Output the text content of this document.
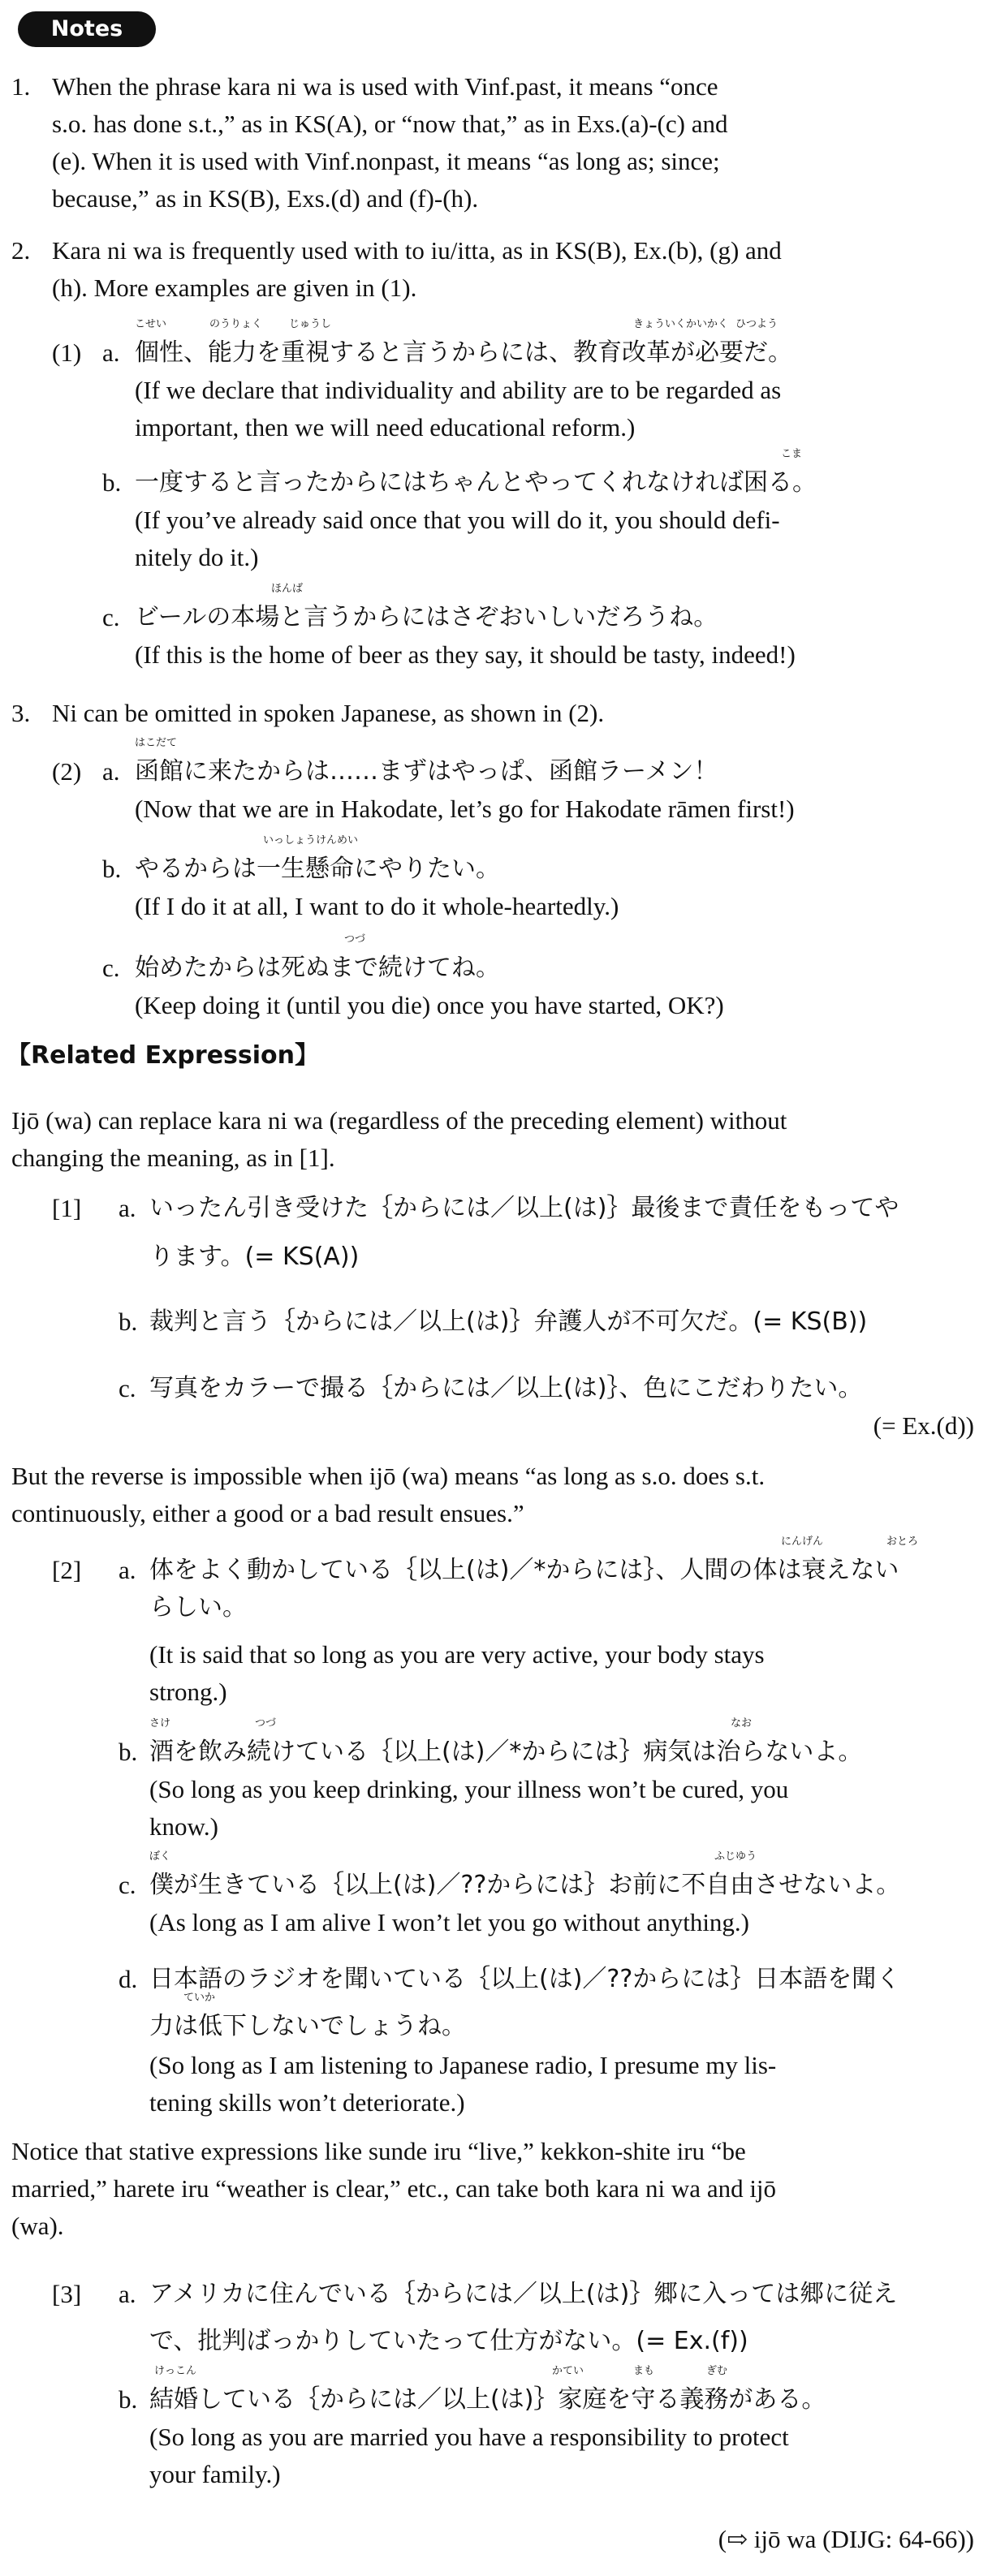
Notes
1. When the phrase kara ni wa is used with Vinf.past, it means “once
s.o. has done s.t.,” as in KS(A), or “now that,” as in Exs.(a)-(c) and
(e). When it is used with Vinf.nonpast, it means “as long as; since;
because,” as in KS(B), Exs.(d) and (f)-(h).
2. Kara ni wa is frequently used with to iu/itta, as in KS(B), Ex.(b), (g) and
(h). More examples are given in (1).
(1) a.
こせい	のうりょく	じゅうし	きょういくかいかく ひつよう
個性、能力を重視すると言うからには、教育改革が必要だ。
(If we declare that individuality and ability are to be regarded as
important, then we will need educational reform.)
b.
こま
一度すると言ったからにはちゃんとやってくれなければ困る。
(If you’ve already said once that you will do it, you should defi-
nitely do it.)
c.
ほんば
ビールの本場と言うからにはさぞおいしいだろうね。
(If this is the home of beer as they say, it should be tasty, indeed!)
3. Ni can be omitted in spoken Japanese, as shown in (2).
(2) a.
はこだて
函館に来たからは……まずはやっぱ、函館ラーメン！
(Now that we are in Hakodate, let’s go for Hakodate rāmen first!)
b.
いっしょうけんめい
やるからは一生懸命にやりたい。
(If I do it at all, I want to do it whole-heartedly.)
c.
つづ
始めたからは死ぬまで続けてね。
(Keep doing it (until you die) once you have started, OK?)
【Related Expression】
Ijō (wa) can replace kara ni wa (regardless of the preceding element) without
changing the meaning, as in [1].
[1] a. いったん引き受けた｛からには／以上(は)｝最後まで責任をもってや
ります。(= KS(A))
b. 裁判と言う｛からには／以上(は)｝弁護人が不可欠だ。(= KS(B))
c. 写真をカラーで撮る｛からには／以上(は)｝、色にこだわりたい。
(= Ex.(d))
But the reverse is impossible when ijō (wa) means “as long as s.o. does s.t.
continuously, either a good or a bad result ensues.”
[2] a.
にんげん	おとろ
体をよく動かしている｛以上(は)／*からには｝、人間の体は衰えない
らしい。
(It is said that so long as you are very active, your body stays
strong.)
b.
さけ	つづ	なお
酒を飲み続けている｛以上(は)／*からには｝病気は治らないよ。
(So long as you keep drinking, your illness won’t be cured, you
know.)
c.
ぼく	ふじゆう
僕が生きている｛以上(は)／??からには｝お前に不自由させないよ。
(As long as I am alive I won’t let you go without anything.)
d.
ていか
日本語のラジオを聞いている｛以上(は)／??からには｝日本語を聞く
力は低下しないでしょうね。
(So long as I am listening to Japanese radio, I presume my lis-
tening skills won’t deteriorate.)
Notice that stative expressions like sunde iru “live,” kekkon-shite iru “be
married,” harete iru “weather is clear,” etc., can take both kara ni wa and ijō
(wa).
[3] a. アメリカに住んでいる｛からには／以上(は)｝郷に入っては郷に従え
で、批判ばっかりしていたって仕方がない。(= Ex.(f))
b.
けっこん	かてい	まも	ぎむ
結婚している｛からには／以上(は)｝家庭を守る義務がある。
(So long as you are married you have a responsibility to protect
your family.)
(⇨ ijō wa (DIJG: 64-66))
